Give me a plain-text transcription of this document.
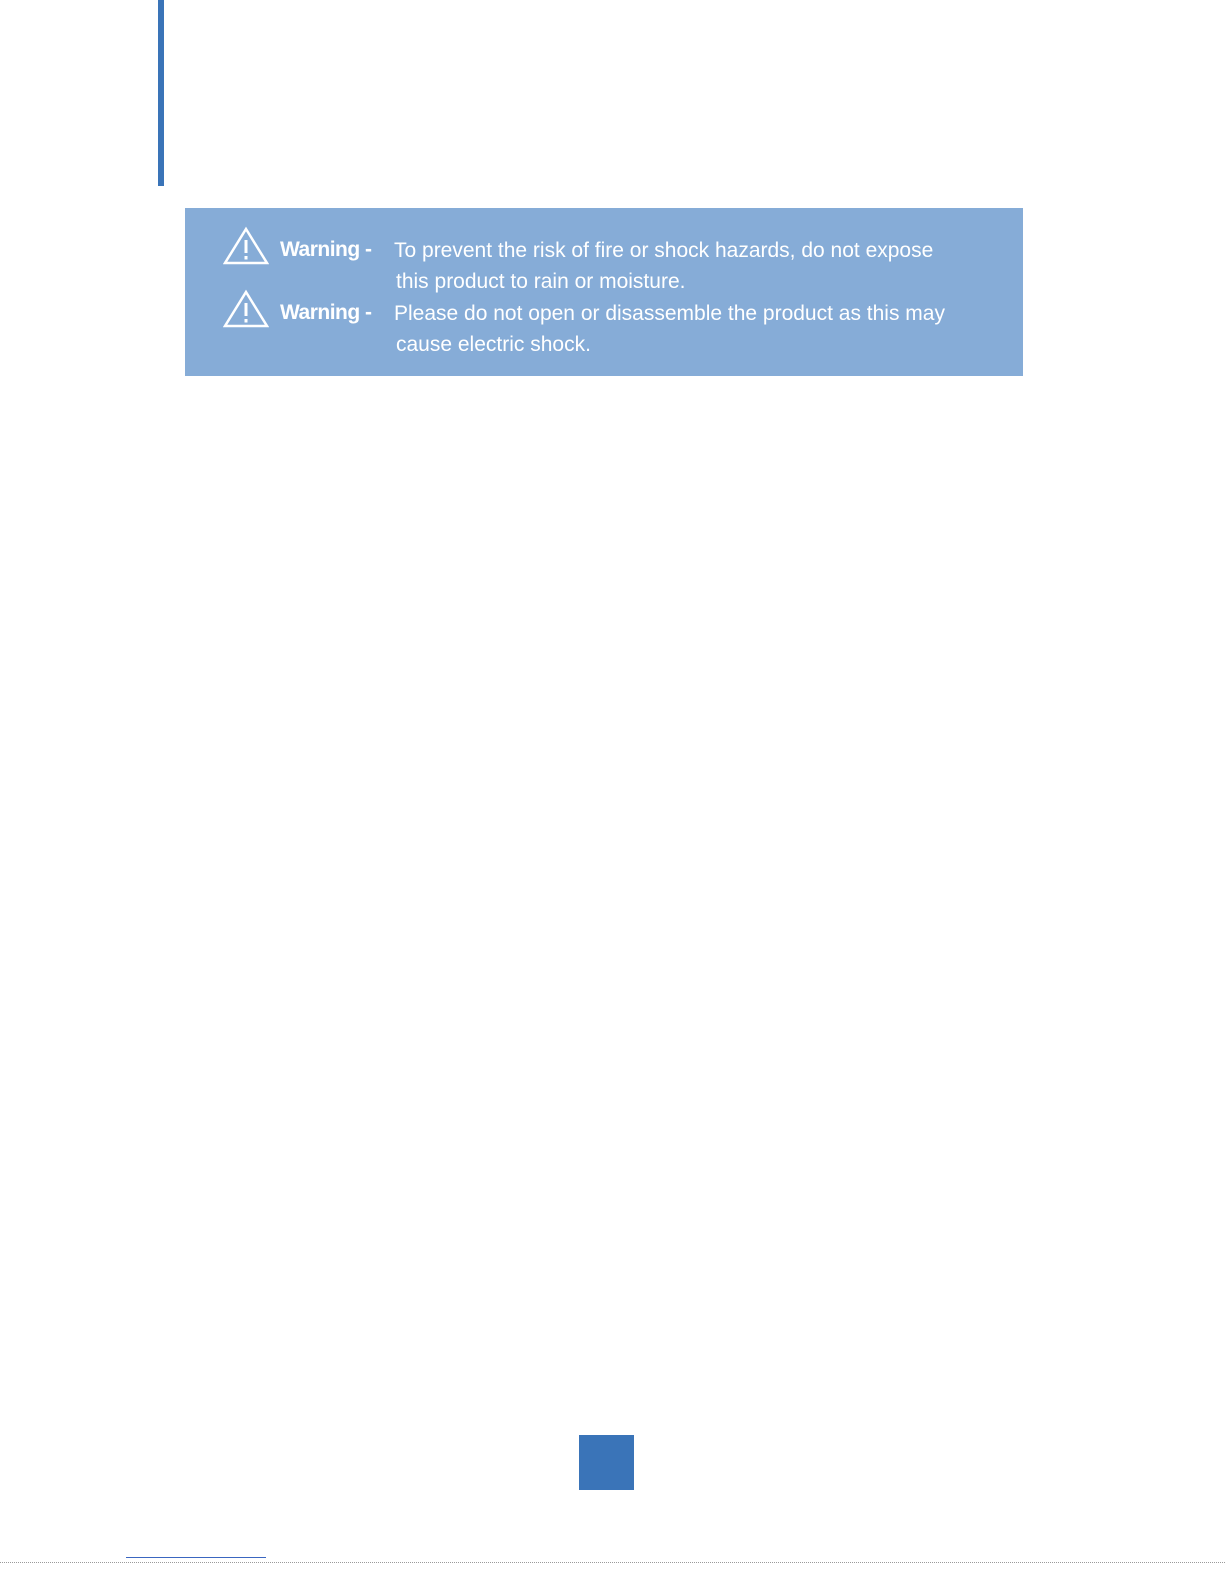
Warning - To prevent the risk of fire or shock hazards, do not expose
this product to rain or moisture.
Warning - Please do not open or disassemble the product as this may
cause electric shock.
